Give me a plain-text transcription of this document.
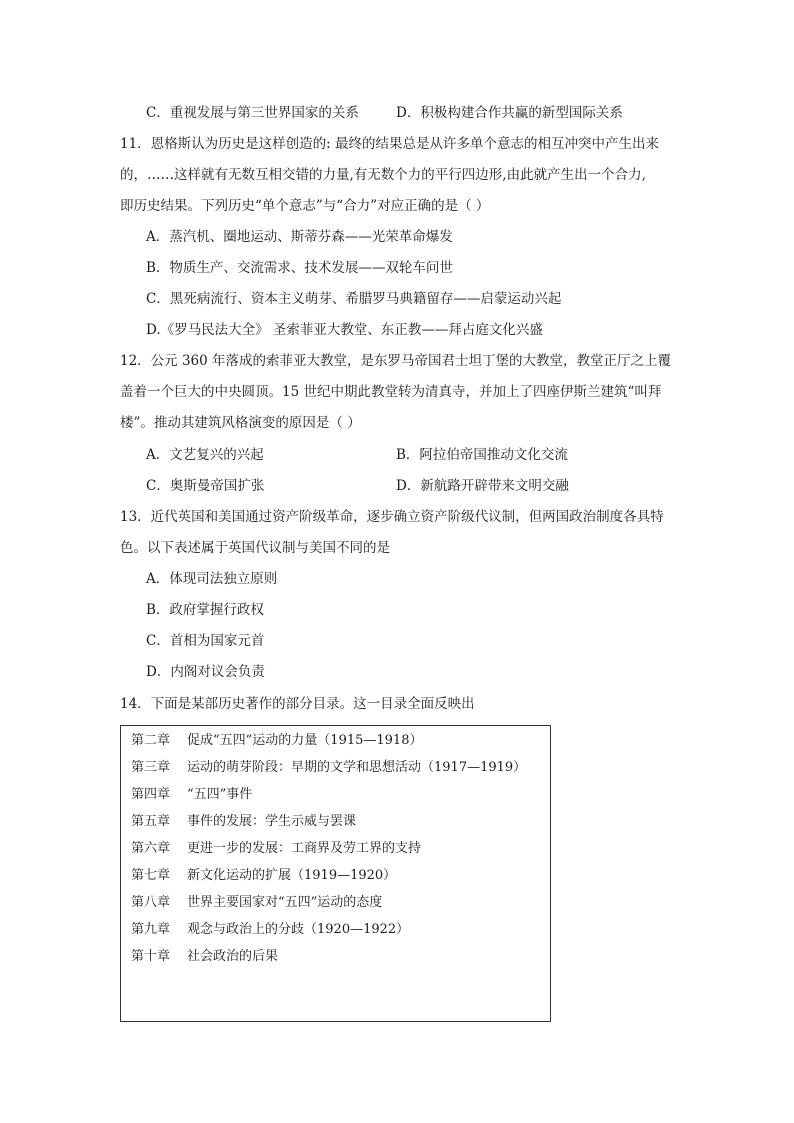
C．重视发展与第三世界国家的关系	D．积极构建合作共赢的新型国际关系
11．恩格斯认为历史是这样创造的: 最终的结果总是从许多单个意志的相互冲突中产生出来
的，……这样就有无数互相交错的力量,有无数个力的平行四边形,由此就产生出一个合力,
即历史结果。下列历史“单个意志”与“合力”对应正确的是（ ）
A．蒸汽机、圈地运动、斯蒂芬森——光荣革命爆发
B．物质生产、交流需求、技术发展——双轮车问世
C．黑死病流行、资本主义萌芽、希腊罗马典籍留存——启蒙运动兴起
D.《罗马民法大全》 圣索菲亚大教堂、东正教——拜占庭文化兴盛
12．公元 360 年落成的索菲亚大教堂，是东罗马帝国君士坦丁堡的大教堂，教堂正厅之上覆
盖着一个巨大的中央圆顶。15 世纪中期此教堂转为清真寺，并加上了四座伊斯兰建筑“叫拜
楼”。推动其建筑风格演变的原因是（ ）
A．文艺复兴的兴起	B．阿拉伯帝国推动文化交流
C．奥斯曼帝国扩张	D．新航路开辟带来文明交融
13．近代英国和美国通过资产阶级革命，逐步确立资产阶级代议制，但两国政治制度各具特
色。以下表述属于英国代议制与美国不同的是
A．体现司法独立原则
B．政府掌握行政权
C．首相为国家元首
D．内阁对议会负责
14．下面是某部历史著作的部分目录。这一目录全面反映出
第二章 促成“五四”运动的力量（1915—1918）
第三章 运动的萌芽阶段：早期的文学和思想活动（1917—1919）
第四章 “五四”事件
第五章 事件的发展：学生示威与罢课
第六章 更进一步的发展：工商界及劳工界的支持
第七章 新文化运动的扩展（1919—1920）
第八章 世界主要国家对“五四”运动的态度
第九章 观念与政治上的分歧（1920—1922）
第十章 社会政治的后果
